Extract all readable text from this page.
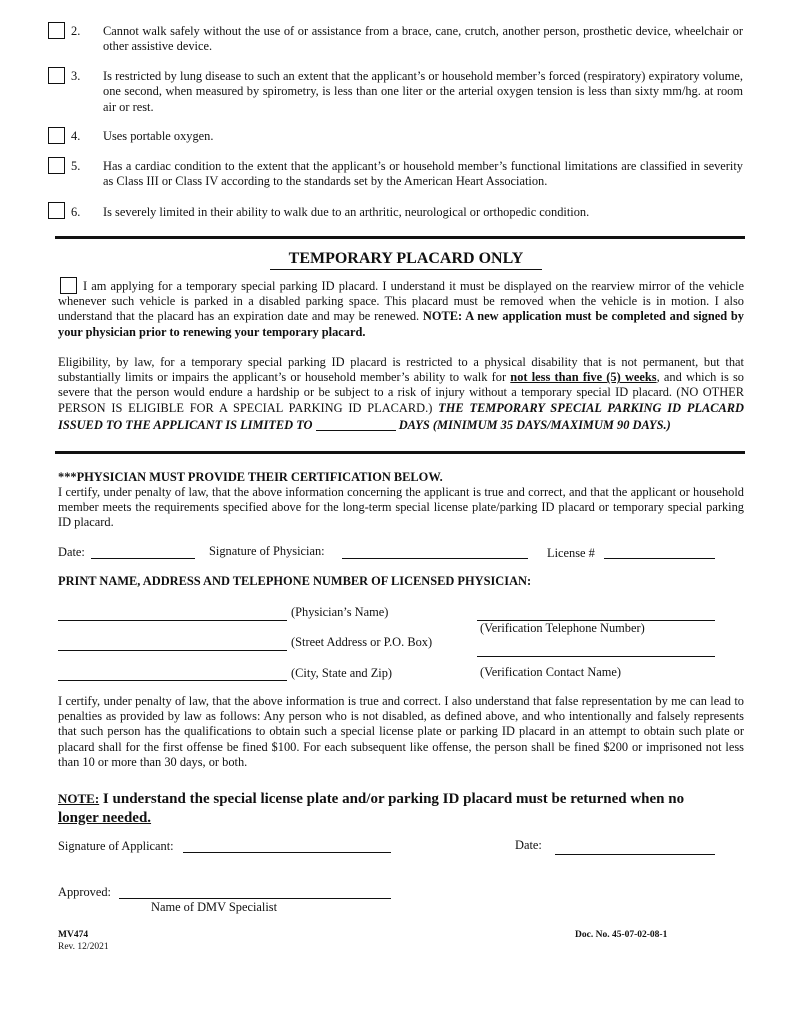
2.	Cannot walk safely without the use of or assistance from a brace, cane, crutch, another person, prosthetic device, wheelchair or other assistive device.
3.	Is restricted by lung disease to such an extent that the applicant’s or household member’s forced (respiratory) expiratory volume, one second, when measured by spirometry, is less than one liter or the arterial oxygen tension is less than sixty mm/hg. at room air or rest.
4.	Uses portable oxygen.
5.	Has a cardiac condition to the extent that the applicant’s or household member’s functional limitations are classified in severity as Class III or Class IV according to the standards set by the American Heart Association.
6.	Is severely limited in their ability to walk due to an arthritic, neurological or orthopedic condition.
TEMPORARY PLACARD ONLY
I am applying for a temporary special parking ID placard. I understand it must be displayed on the rearview mirror of the vehicle whenever such vehicle is parked in a disabled parking space. This placard must be removed when the vehicle is in motion. I also understand that the placard has an expiration date and may be renewed. NOTE: A new application must be completed and signed by your physician prior to renewing your temporary placard.
Eligibility, by law, for a temporary special parking ID placard is restricted to a physical disability that is not permanent, but that substantially limits or impairs the applicant’s or household member’s ability to walk for not less than five (5) weeks, and which is so severe that the person would endure a hardship or be subject to a risk of injury without a temporary special ID placard. (NO OTHER PERSON IS ELIGIBLE FOR A SPECIAL PARKING ID PLACARD.) THE TEMPORARY SPECIAL PARKING ID PLACARD ISSUED TO THE APPLICANT IS LIMITED TO	DAYS (MINIMUM 35 DAYS/MAXIMUM 90 DAYS.)
***PHYSICIAN MUST PROVIDE THEIR CERTIFICATION BELOW.
I certify, under penalty of law, that the above information concerning the applicant is true and correct, and that the applicant or household member meets the requirements specified above for the long-term special license plate/parking ID placard or temporary special parking ID placard.
Date:	Signature of Physician:	License #
PRINT NAME, ADDRESS AND TELEPHONE NUMBER OF LICENSED PHYSICIAN:
(Physician’s Name)
(Street Address or P.O. Box)
(City, State and Zip)
(Verification Telephone Number)
(Verification Contact Name)
I certify, under penalty of law, that the above information is true and correct. I also understand that false representation by me can lead to penalties as provided by law as follows: Any person who is not disabled, as defined above, and who intentionally and falsely represents that such person has the qualifications to obtain such a special license plate or parking ID placard in an attempt to obtain such plate or placard shall for the first offense be fined $100. For each subsequent like offense, the person shall be fined $200 or imprisoned not less than 10 or more than 30 days, or both.
NOTE: I understand the special license plate and/or parking ID placard must be returned when no
longer needed.
Signature of Applicant:	Date:
Approved:
Name of DMV Specialist
MV474
Rev. 12/2021
Doc. No. 45-07-02-08-1
